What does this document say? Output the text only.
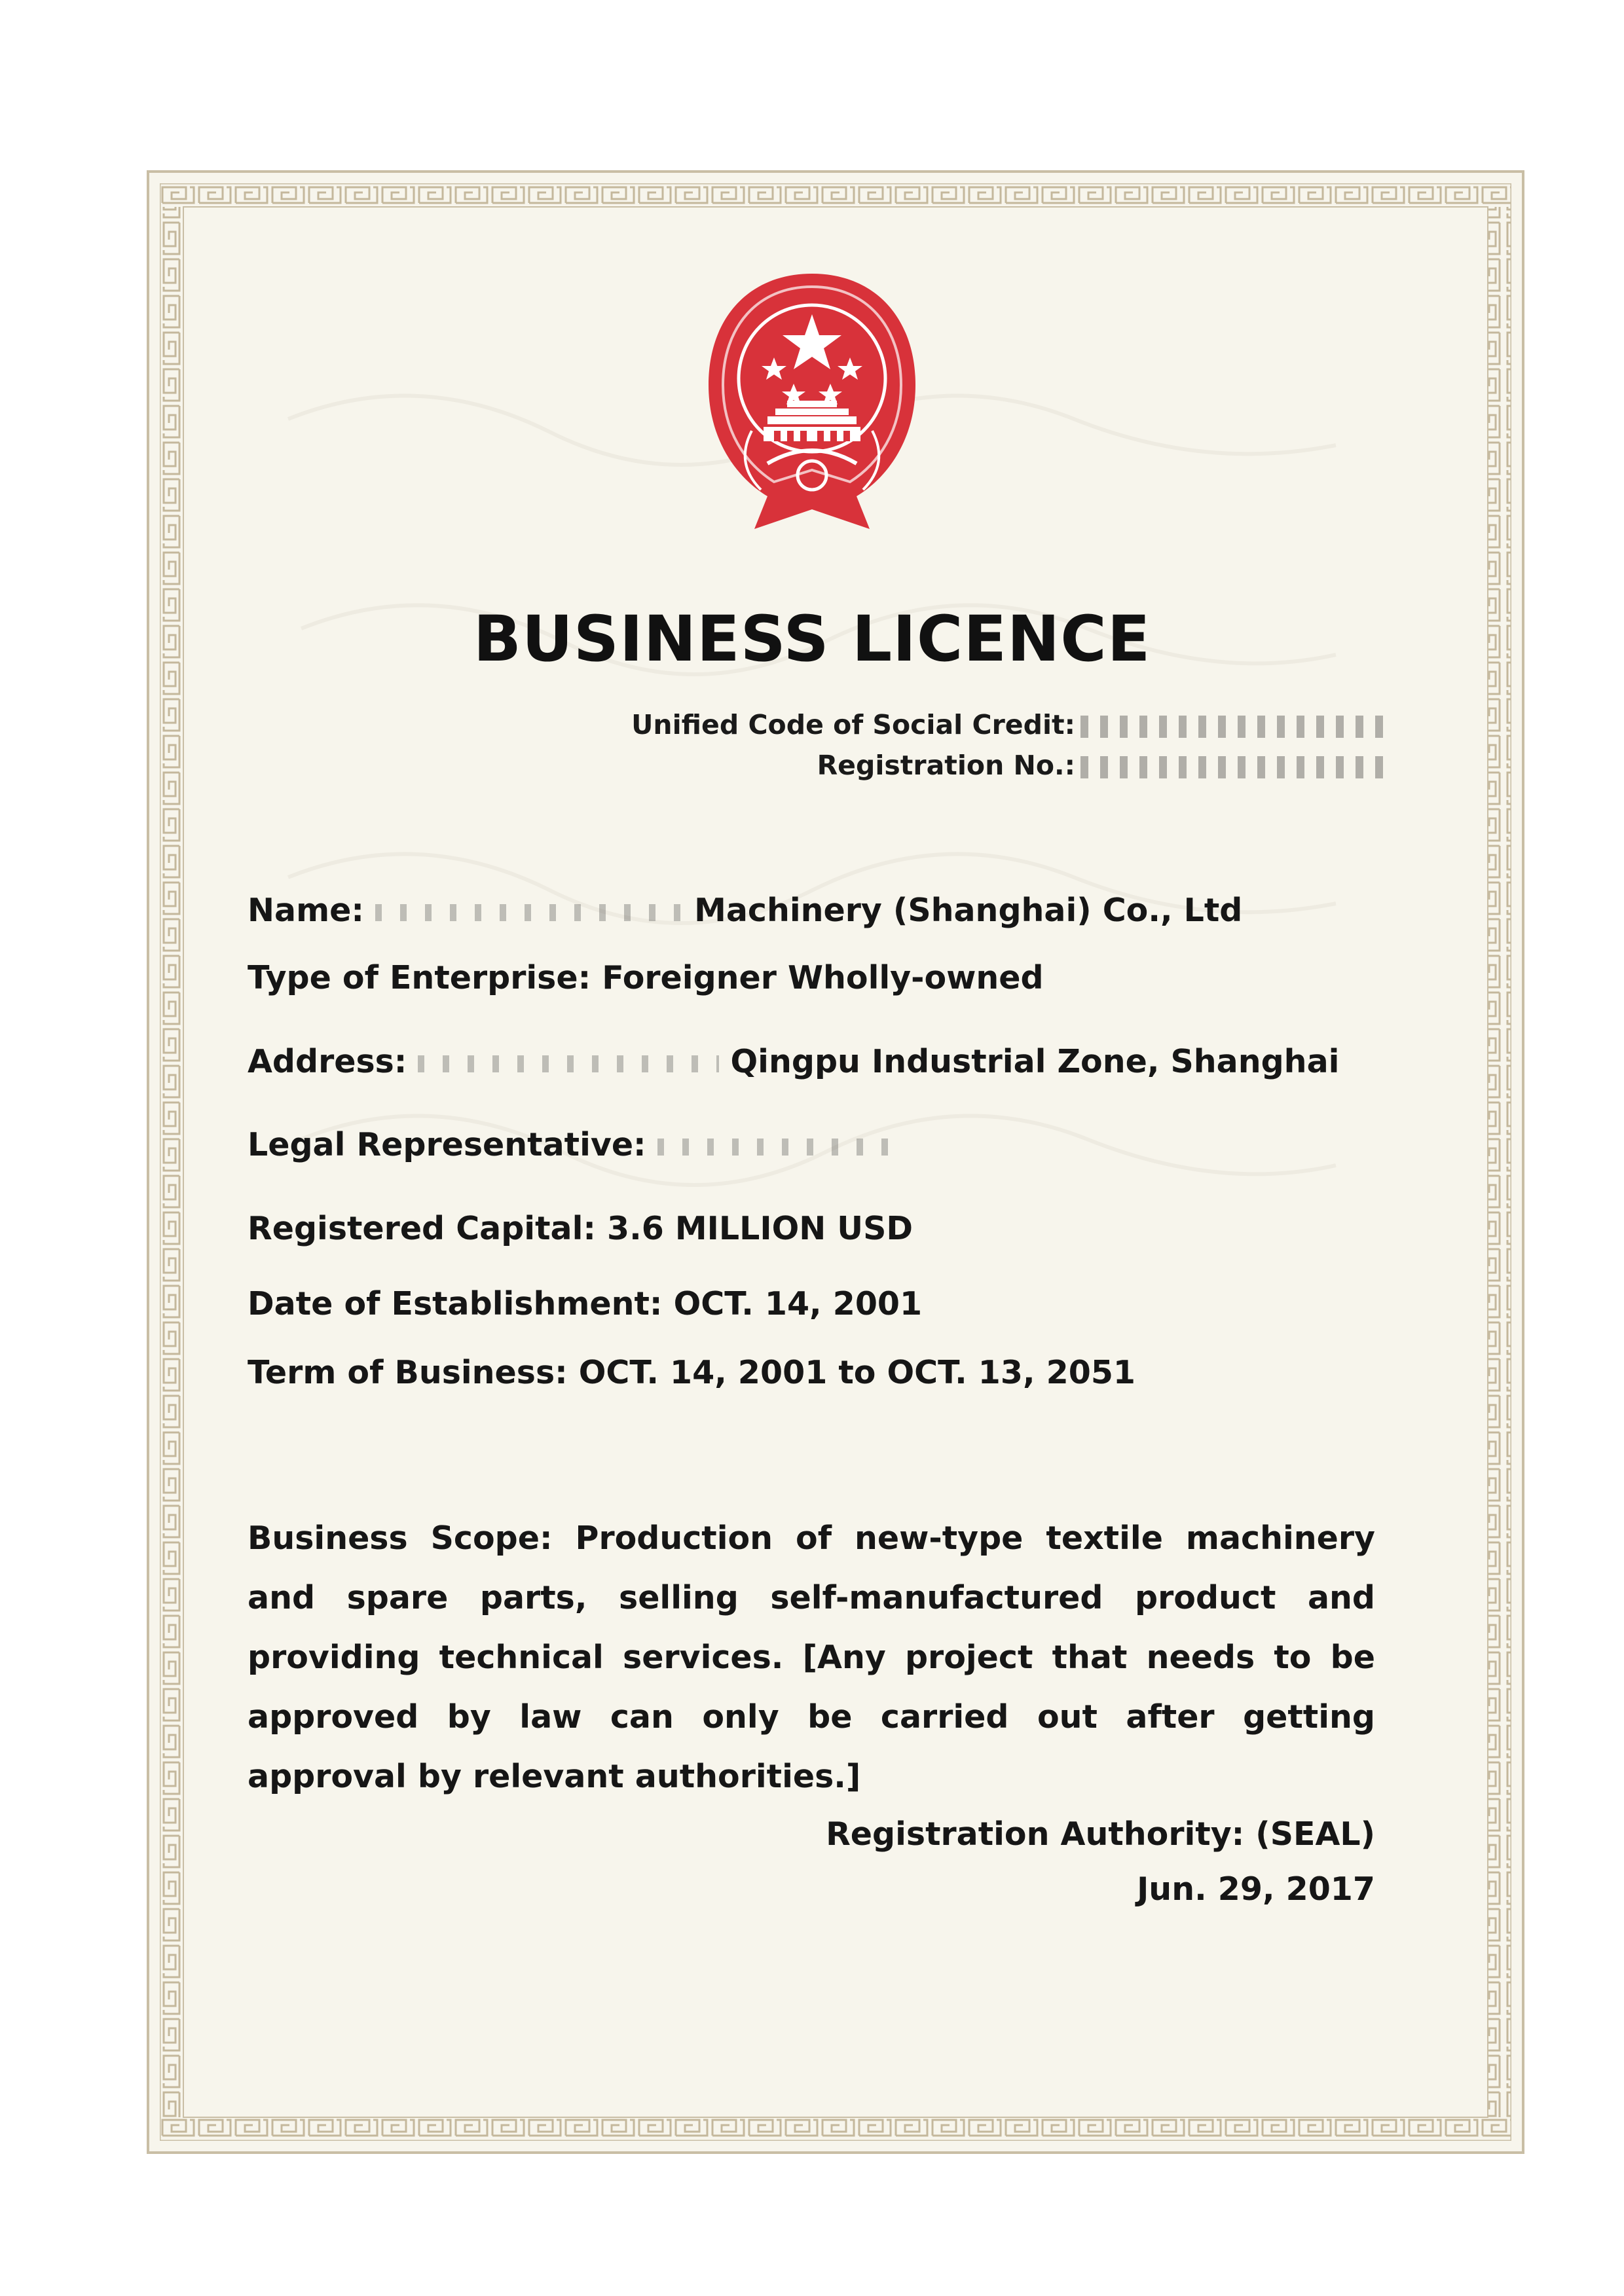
BUSINESS LICENCE
Unified Code of Social Credit:
Registration No.:
Name:	Machinery (Shanghai) Co., Ltd
Type of Enterprise: Foreigner Wholly-owned
Address:	Qingpu Industrial Zone, Shanghai
Legal Representative:
Registered Capital: 3.6 MILLION USD
Date of Establishment: OCT. 14, 2001
Term of Business: OCT. 14, 2001 to OCT. 13, 2051
Business Scope: Production of new-type textile machinery and spare parts, selling self-manufactured product and providing technical services. [Any project that needs to be approved by law can only be carried out after getting approval by relevant authorities.]
Registration Authority: (SEAL)
Jun. 29, 2017
